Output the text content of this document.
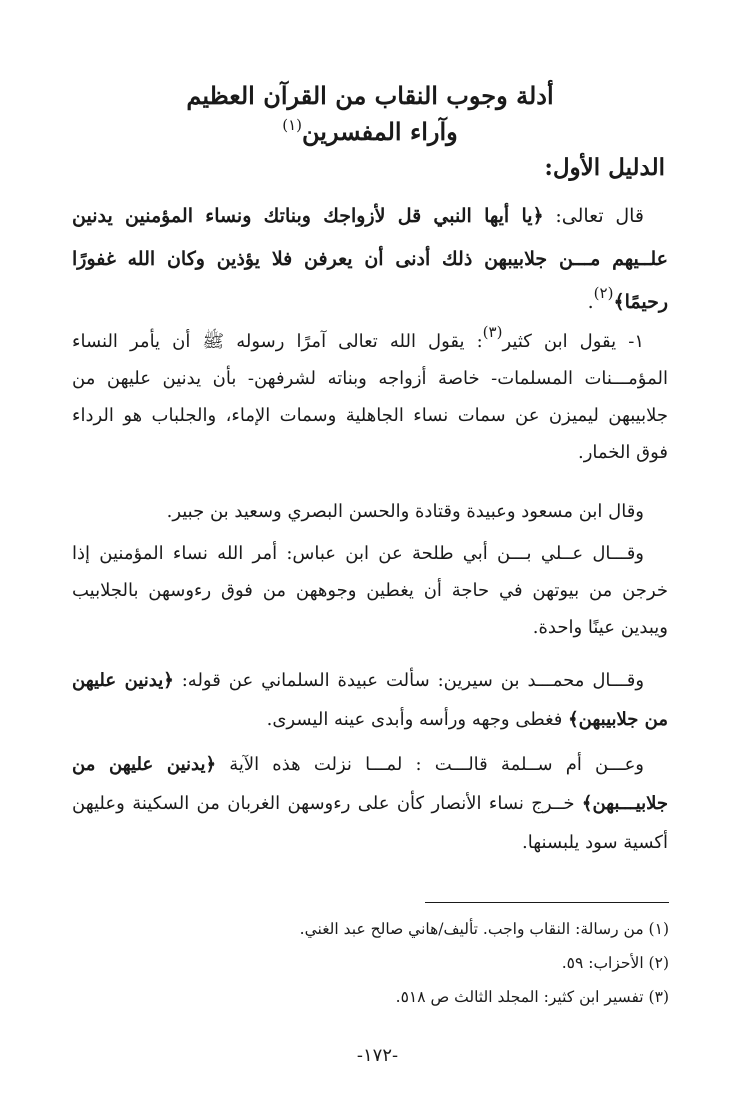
أدلة وجوب النقاب من القرآن العظيم
وآراء المفسرين$^{(١)}$
الدليل الأول:

قال تعالى: ﴿يا أيها النبي قل لأزواجك وبناتك ونساء المؤمنين يدنين علــيهم مـــن جلابيبهن ذلك أدنى أن يعرفن فلا يؤذين وكان الله غفورًا رحيمًا﴾$^{(٢)}$.

١- يقول ابن كثير$^{(٣)}$: يقول الله تعالى آمرًا رسوله ﷺ أن يأمر النساء المؤمـــنات المسلمات- خاصة أزواجه وبناته لشرفهن- بأن يدنين عليهن من جلابيبهن ليميزن عن سمات نساء الجاهلية وسمات الإماء، والجلباب هو الرداء فوق الخمار.

وقال ابن مسعود وعبيدة وقتادة والحسن البصري وسعيد بن جبير.

وقـــال عــلي بـــن أبي طلحة عن ابن عباس: أمر الله نساء المؤمنين إذا خرجن من بيوتهن في حاجة أن يغطين وجوههن من فوق رءوسهن بالجلابيب ويبدين عينًا واحدة.

وقـــال محمـــد بن سيرين: سألت عبيدة السلماني عن قوله: ﴿يدنين عليهن من جلابيبهن﴾ فغطى وجهه ورأسه وأبدى عينه اليسرى.

وعـــن أم ســلمة قالـــت : لمـــا نزلت هذه الآية ﴿يدنين عليهن من جلابيـــبهن﴾ خــرج نساء الأنصار كأن على رءوسهن الغربان من السكينة وعليهن أكسية سود يلبسنها.

(١) من رسالة: النقاب واجب. تأليف/هاني صالح عبد الغني.
(٢) الأحزاب: ٥٩.
(٣) تفسير ابن كثير: المجلد الثالث ص ٥١٨.
-١٧٢-
